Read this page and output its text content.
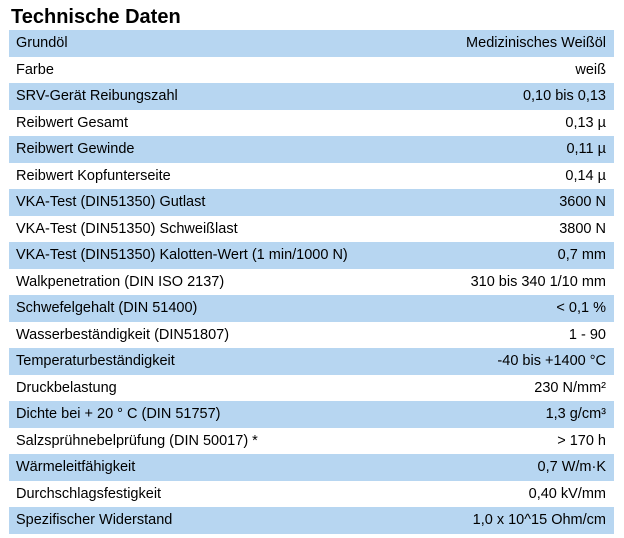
Technische Daten
Grundöl	Medizinisches Weißöl
Farbe	weiß
SRV-Gerät Reibungszahl	0,10 bis 0,13
Reibwert Gesamt	0,13 µ
Reibwert Gewinde	0,11 µ
Reibwert Kopfunterseite	0,14 µ
VKA-Test (DIN51350) Gutlast	3600 N
VKA-Test (DIN51350) Schweißlast	3800 N
VKA-Test (DIN51350) Kalotten-Wert (1 min/1000 N)	0,7 mm
Walkpenetration (DIN ISO 2137)	310 bis 340 1/10 mm
Schwefelgehalt (DIN 51400)	< 0,1 %
Wasserbeständigkeit (DIN51807)	1 - 90
Temperaturbeständigkeit	-40 bis +1400 °C
Druckbelastung	230 N/mm²
Dichte bei + 20 ° C (DIN 51757)	1,3 g/cm³
Salzsprühnebelprüfung (DIN 50017) *	> 170 h
Wärmeleitfähigkeit	0,7 W/m·K
Durchschlagsfestigkeit	0,40 kV/mm
Spezifischer Widerstand	1,0 x 10^15 Ohm/cm
